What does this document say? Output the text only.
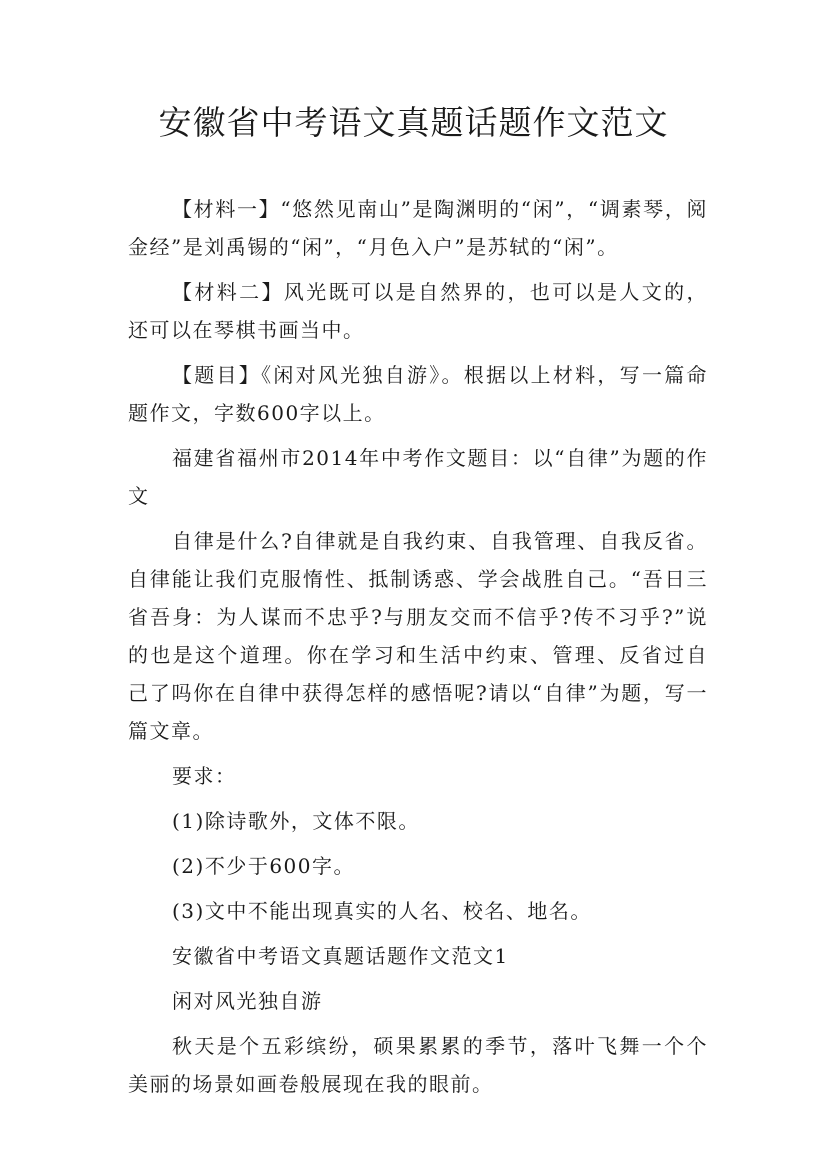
安徽省中考语文真题话题作文范文

【材料一】“悠然见南山”是陶渊明的“闲”，“调素琴，阅金经”是刘禹锡的“闲”，“月色入户”是苏轼的“闲”。

【材料二】风光既可以是自然界的，也可以是人文的，还可以在琴棋书画当中。

【题目】《闲对风光独自游》。根据以上材料，写一篇命题作文，字数600字以上。

福建省福州市2014年中考作文题目：以“自律”为题的作文

自律是什么?自律就是自我约束、自我管理、自我反省。自律能让我们克服惰性、抵制诱惑、学会战胜自己。“吾日三省吾身：为人谋而不忠乎?与朋友交而不信乎?传不习乎?”说的也是这个道理。你在学习和生活中约束、管理、反省过自己了吗你在自律中获得怎样的感悟呢?请以“自律”为题，写一篇文章。

要求：

(1)除诗歌外，文体不限。

(2)不少于600字。

(3)文中不能出现真实的人名、校名、地名。

安徽省中考语文真题话题作文范文1

闲对风光独自游

秋天是个五彩缤纷，硕果累累的季节，落叶飞舞一个个美丽的场景如画卷般展现在我的眼前。
